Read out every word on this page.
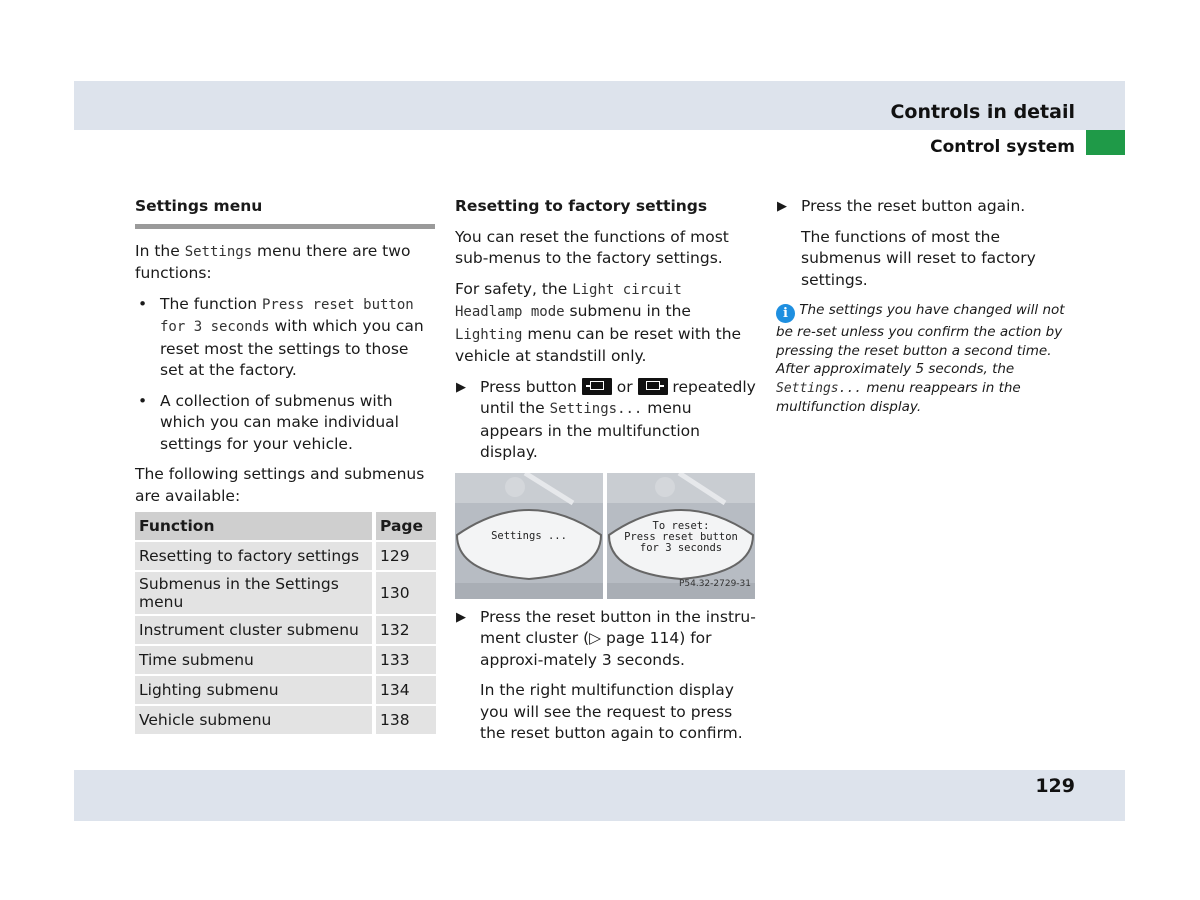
Controls in detail
Control system

Settings menu

In the Settings menu there are two functions:

• The function Press reset button for 3 seconds with which you can reset most the settings to those set at the factory.
• A collection of submenus with which you can make individual settings for your vehicle.

The following settings and submenus are available:

Function	Page
Resetting to factory settings	129
Submenus in the Settings menu	130
Instrument cluster submenu	132
Time submenu	133
Lighting submenu	134
Vehicle submenu	138

Resetting to factory settings

You can reset the functions of most sub-menus to the factory settings.

For safety, the Light circuit Headlamp mode submenu in the Lighting menu can be reset with the vehicle at standstill only.

▶ Press button  or  repeatedly until the Settings... menu appears in the multifunction display.
Settings ...
To reset:
Press reset button
for 3 seconds
P54.32-2729-31
▶ Press the reset button in the instru-ment cluster (▷ page 114) for approxi-mately 3 seconds.

In the right multifunction display you will see the request to press the reset button again to confirm.

▶ Press the reset button again.

The functions of most the submenus will reset to factory settings.

i The settings you have changed will not be re-set unless you confirm the action by pressing the reset button a second time. After approximately 5 seconds, the Settings... menu reappears in the multifunction display.

129
